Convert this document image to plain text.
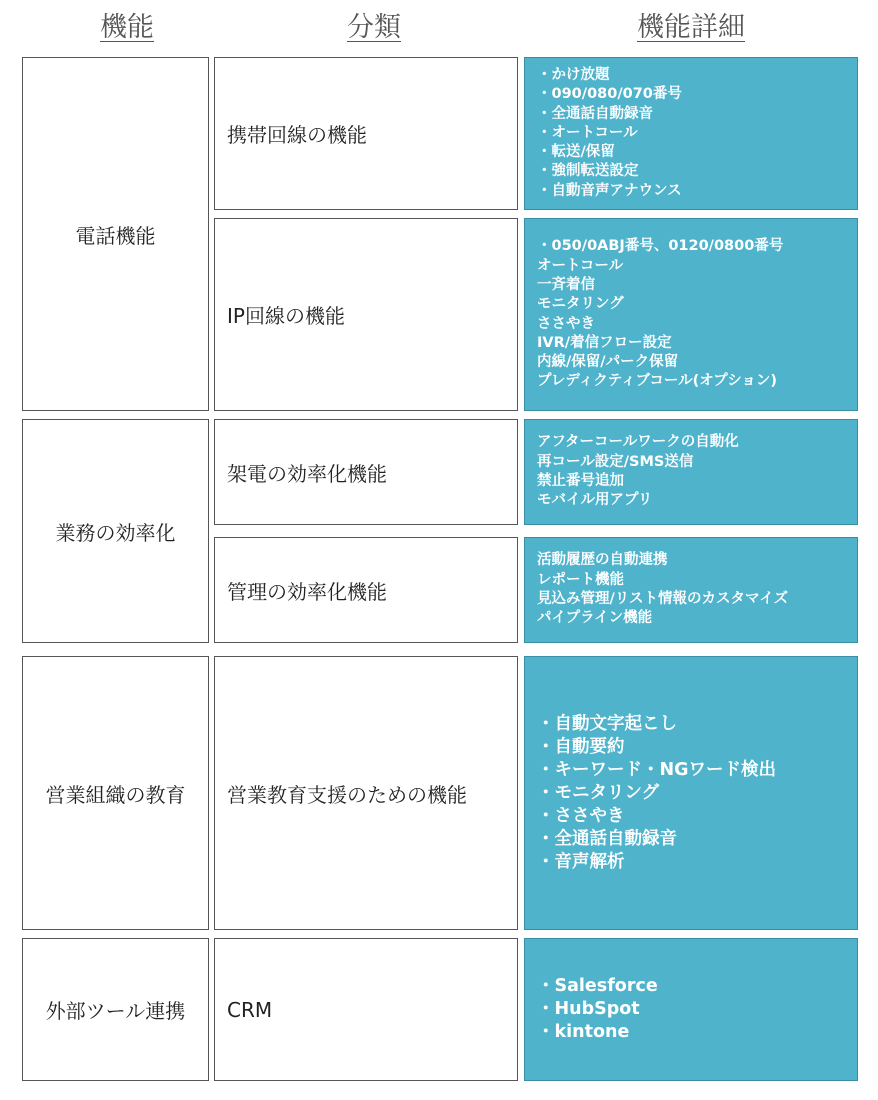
機能	分類	機能詳細
電話機能
業務の効率化
営業組織の教育
外部ツール連携
携帯回線の機能
IP回線の機能
架電の効率化機能
管理の効率化機能
営業教育支援のための機能
CRM
・かけ放題
・090/080/070番号
・全通話自動録音
・オートコール
・転送/保留
・強制転送設定
・自動音声アナウンス
・050/0ABJ番号、0120/0800番号
オートコール
一斉着信
モニタリング
ささやき
IVR/着信フロー設定
内線/保留/パーク保留
プレディクティブコール(オプション)
アフターコールワークの自動化
再コール設定/SMS送信
禁止番号追加
モバイル用アプリ
活動履歴の自動連携
レポート機能
見込み管理/リスト情報のカスタマイズ
パイプライン機能
・自動文字起こし
・自動要約
・キーワード・NGワード検出
・モニタリング
・ささやき
・全通話自動録音
・音声解析
・Salesforce
・HubSpot
・kintone
